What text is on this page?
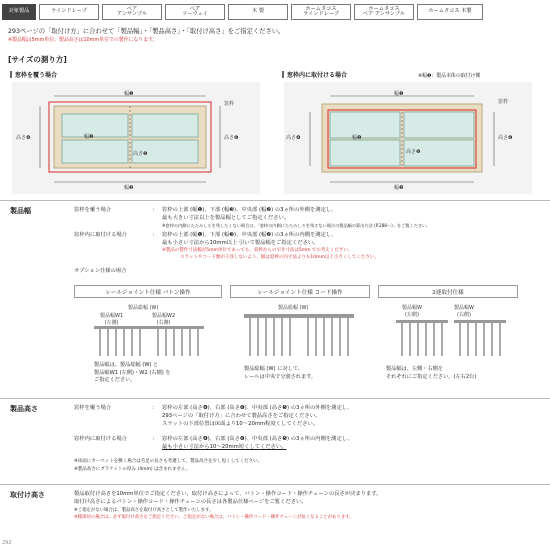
対象製品	ラインドレープ	ペア
アンサンブル
ペア
ツーウェイ	木 製	ホームタコス
ラインドレープ
ホームタコス
ペア アンサンブル	ホームタコス 木製
293ページの「取付け方」に合わせて「製品幅」・「製品高さ」・「取付け高さ」をご指定ください。
※製品幅は5mm単位、製品高さは10mm単位での製作になります。
[サイズの測り方]
窓枠を覆う場合
幅❶
窓枠
幅❷
幅❸
高さ❹
高さ❺
高さ❻
窓枠内に取付ける場合	※幅❸：製品本体の取付け側
幅❶
窓枠
幅❷
幅❸
高さ❹
高さ❺
高さ❻
製品幅	窓枠を覆う場合	： 窓枠の上部 (幅❶)、下部 (幅❸)、中央部 (幅❷) の3ヵ所の外側を測定し、
最も大きい寸法以上を製品幅としてご指定ください。
※窓枠の内側にたたみしろを残したくない場合は、「窓枠の内側にたたみしろを残さない場合の製品幅の算出方法 (P.288～)」をご覧ください。
窓枠内に取付ける場合	： 窓枠の上部 (幅❶)、下部 (幅❸)、中央部 (幅❷) の3ヵ所の内側を測定し、
最も小さい寸法から10mm以上 引いて製品幅をご指定ください。
※製品の製作寸法幅が5mm単位であっても、窓枠からの引き寸法は5mm でお考えください。
スラットやコード類が干渉しないよう、幅は窓枠の内寸法よりも10mm以上小さくしてください。
オプション仕様の場合
レールジョイント仕様 バトン操作	レールジョイント仕様 コード操作	2連取付仕様
製品総幅 (W)
製品幅W1
(左側)
製品幅W2
(右側)
製品幅は、製品総幅 (W) と
製品幅W1 (左側)・W2 (右側) を
ご指定ください。
製品総幅 (W)
製品総幅 (W) に対して、
レールは中央で分割されます。
製品幅W
(左側)
製品幅W
(右側)
製品幅は、左側・右側を
それぞれにご指定ください。(左右2台)
製品高さ	窓枠を覆う場合	： 窓枠の左部 (高さ❹)、右部 (高さ❻)、中央部 (高さ❺) の3ヵ所の外側を測定し、
293ページの「取付け方」に合わせて製品高さをご指定ください。
スラットの下部位置は床面より10～20mm程度くしてください。
窓枠内に取付ける場合	： 窓枠の左部 (高さ❹)、右部 (高さ❻)、中央部 (高さ❺) の3ヵ所の内側を測定し、
最も小さい寸法から10～20mm短くしてください。
※床面にカーペットを敷く場合は毛足の長さも考慮して、製品高さを少し短くしてください。
※製品高さにブラケットの厚み (4mm) は含まれません。
取付け高さ	製品取付け高さを10mm単位でご指定ください。取付け高さによって、バトン・操作コード・操作チェーンの長さが決まります。
取付け高さによるバトン・操作コード・操作チェーンの長さは各製品仕様ページをご覧ください。
※ご指定がない場合は、製品高さを取付け高さとして製作いたします。
※膝掛居の場合は、必ず取付け高さをご指定ください。ご指定がない場合は、バトン・操作コード・操作チェーンが短くなることがあります。
292
